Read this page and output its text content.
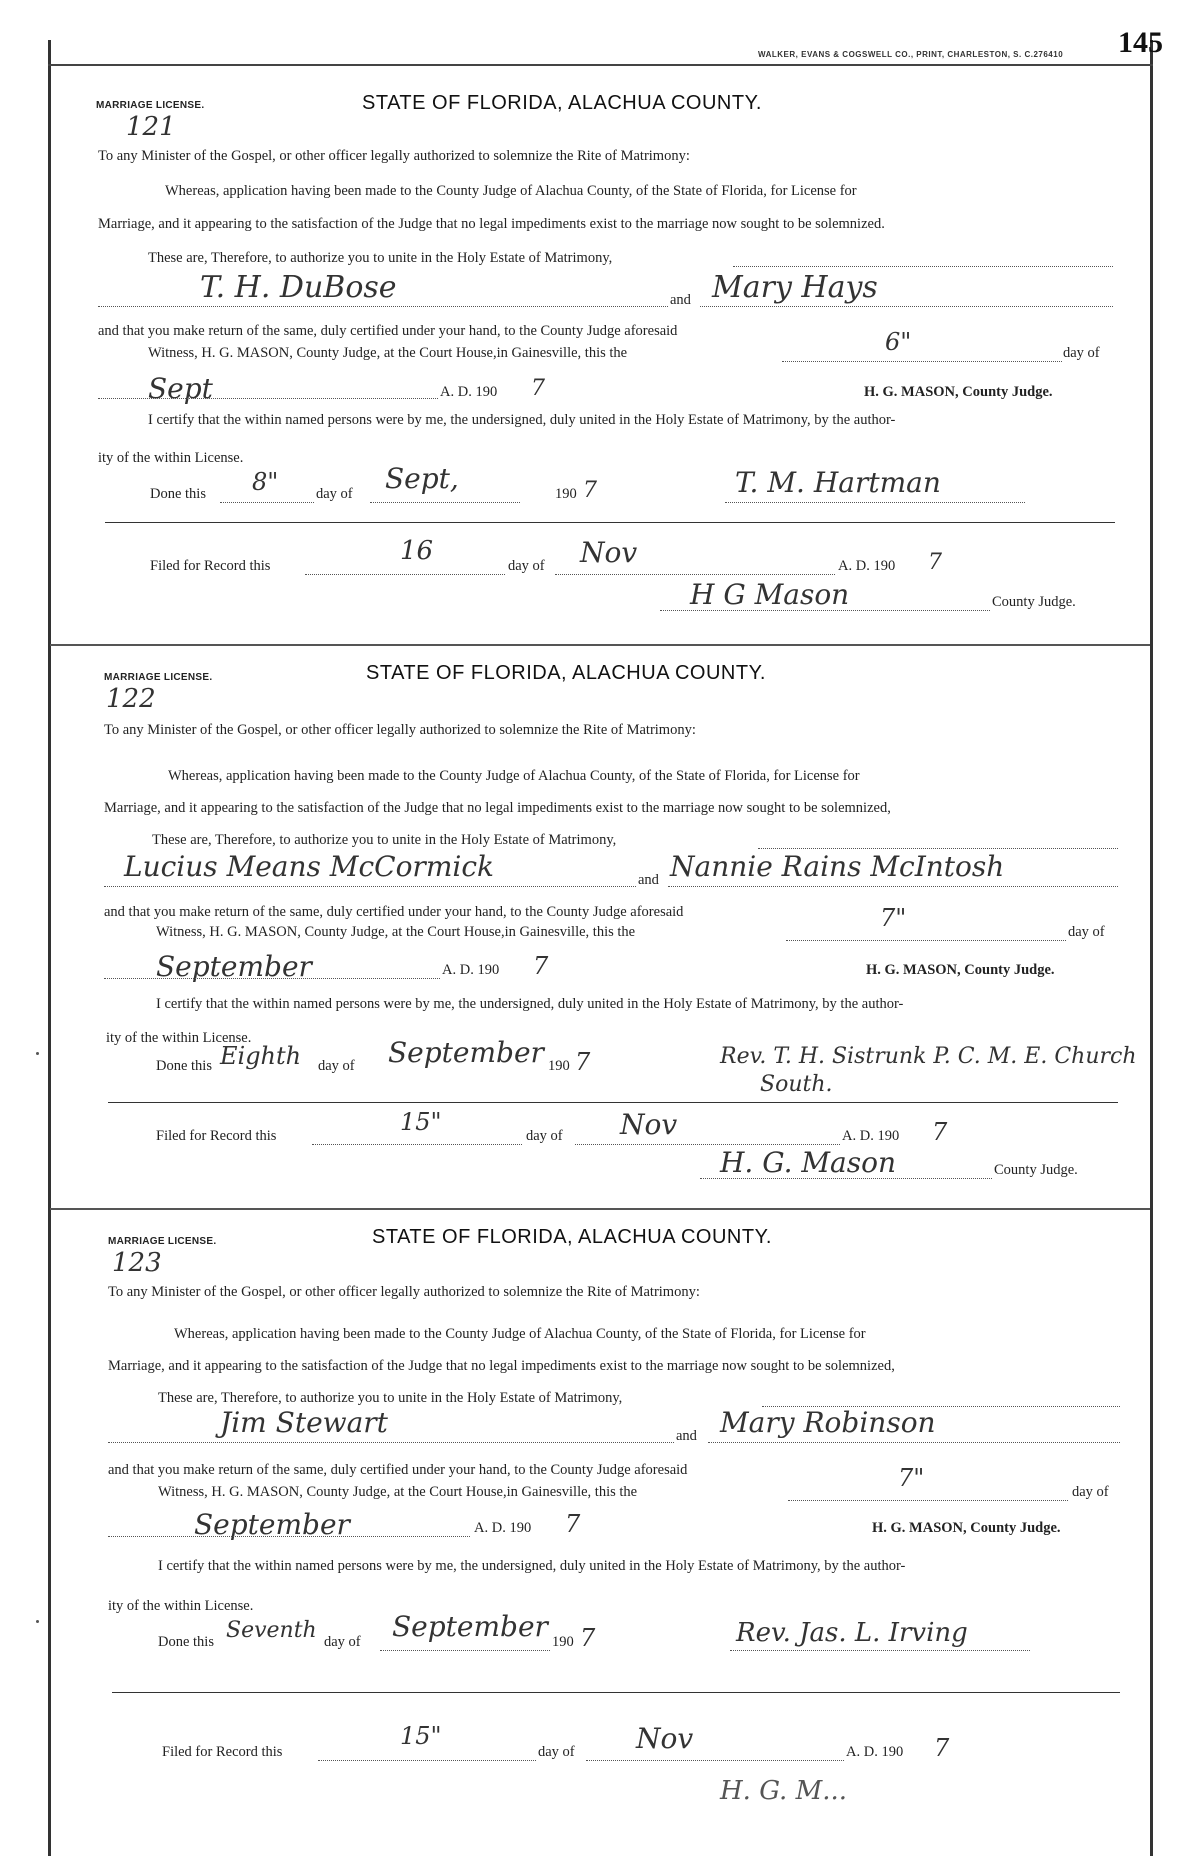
WALKER, EVANS & COGSWELL CO., PRINT, CHARLESTON, S. C.276410 145
MARRIAGE LICENSE.
121
STATE OF FLORIDA, ALACHUA COUNTY.
To any Minister of the Gospel, or other officer legally authorized to solemnize the Rite of Matrimony:
Whereas, application having been made to the County Judge of Alachua County, of the State of Florida, for License for
Marriage, and it appearing to the satisfaction of the Judge that no legal impediments exist to the marriage now sought to be solemnized.
These are, Therefore, to authorize you to unite in the Holy Estate of Matrimony,
T. H. DuBose	and Mary Hays
and that you make return of the same, duly certified under your hand, to the County Judge aforesaid
Witness, H. G. MASON, County Judge, at the Court House,in Gainesville, this the	6"	day of
Sept	A. D. 190 7	H. G. MASON, County Judge.
I certify that the within named persons were by me, the undersigned, duly united in the Holy Estate of Matrimony, by the author-
ity of the within License.
Done this 8"	day of Sept,	190 7	T. M. Hartman
Filed for Record this	16	day of Nov	A. D. 190 7
H G Mason	County Judge.
MARRIAGE LICENSE.
122
STATE OF FLORIDA, ALACHUA COUNTY.
To any Minister of the Gospel, or other officer legally authorized to solemnize the Rite of Matrimony:
Whereas, application having been made to the County Judge of Alachua County, of the State of Florida, for License for
Marriage, and it appearing to the satisfaction of the Judge that no legal impediments exist to the marriage now sought to be solemnized,
These are, Therefore, to authorize you to unite in the Holy Estate of Matrimony,
Lucius Means McCormick	and Nannie Rains McIntosh
and that you make return of the same, duly certified under your hand, to the County Judge aforesaid
Witness, H. G. MASON, County Judge, at the Court House,in Gainesville, this the	7"	day of
September	A. D. 190 7	H. G. MASON, County Judge.
I certify that the within named persons were by me, the undersigned, duly united in the Holy Estate of Matrimony, by the author-
ity of the within License.
Done this Eighth day of September 190 7	Rev. T. H. Sistrunk P. C. M. E. Church
South.
Filed for Record this	15"	day of Nov	A. D. 190 7
H. G. Mason	County Judge.
MARRIAGE LICENSE.
123
STATE OF FLORIDA, ALACHUA COUNTY.
To any Minister of the Gospel, or other officer legally authorized to solemnize the Rite of Matrimony:
Whereas, application having been made to the County Judge of Alachua County, of the State of Florida, for License for
Marriage, and it appearing to the satisfaction of the Judge that no legal impediments exist to the marriage now sought to be solemnized,
These are, Therefore, to authorize you to unite in the Holy Estate of Matrimony,
Jim Stewart	and Mary Robinson
and that you make return of the same, duly certified under your hand, to the County Judge aforesaid
Witness, H. G. MASON, County Judge, at the Court House,in Gainesville, this the	7"	day of
September	A. D. 190 7	H. G. MASON, County Judge.
I certify that the within named persons were by me, the undersigned, duly united in the Holy Estate of Matrimony, by the author-
ity of the within License.
Done this Seventh day of September 190 7	Rev. Jas. L. Irving
Filed for Record this
15"
day of Nov	A. D. 190 7
H. G. M...
